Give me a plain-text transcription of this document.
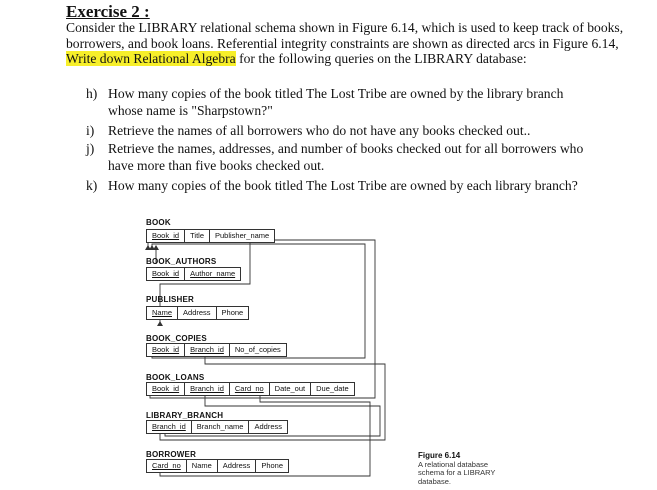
Exercise 2 :
Consider the LIBRARY relational schema shown in Figure 6.14, which is used to keep track of books, borrowers, and book loans. Referential integrity constraints are shown as directed arcs in Figure 6.14, Write down Relational Algebra for the following queries on the LIBRARY database:
h) How many copies of the book titled The Lost Tribe are owned by the library branch whose name is "Sharpstown?"
i) Retrieve the names of all borrowers who do not have any books checked out..
j) Retrieve the names, addresses, and number of books checked out for all borrowers who have more than five books checked out.
k) How many copies of the book titled The Lost Tribe are owned by each library branch?
BOOK
Book_id	Title	Publisher_name
BOOK_AUTHORS
Book_id	Author_name
PUBLISHER
Name	Address	Phone
BOOK_COPIES
Book_id	Branch_id	No_of_copies
BOOK_LOANS
Book_id	Branch_id	Card_no	Date_out	Due_date
LIBRARY_BRANCH
Branch_id	Branch_name	Address
BORROWER
Card_no	Name	Address	Phone
Figure 6.14
A relational database
schema for a LIBRARY
database.
